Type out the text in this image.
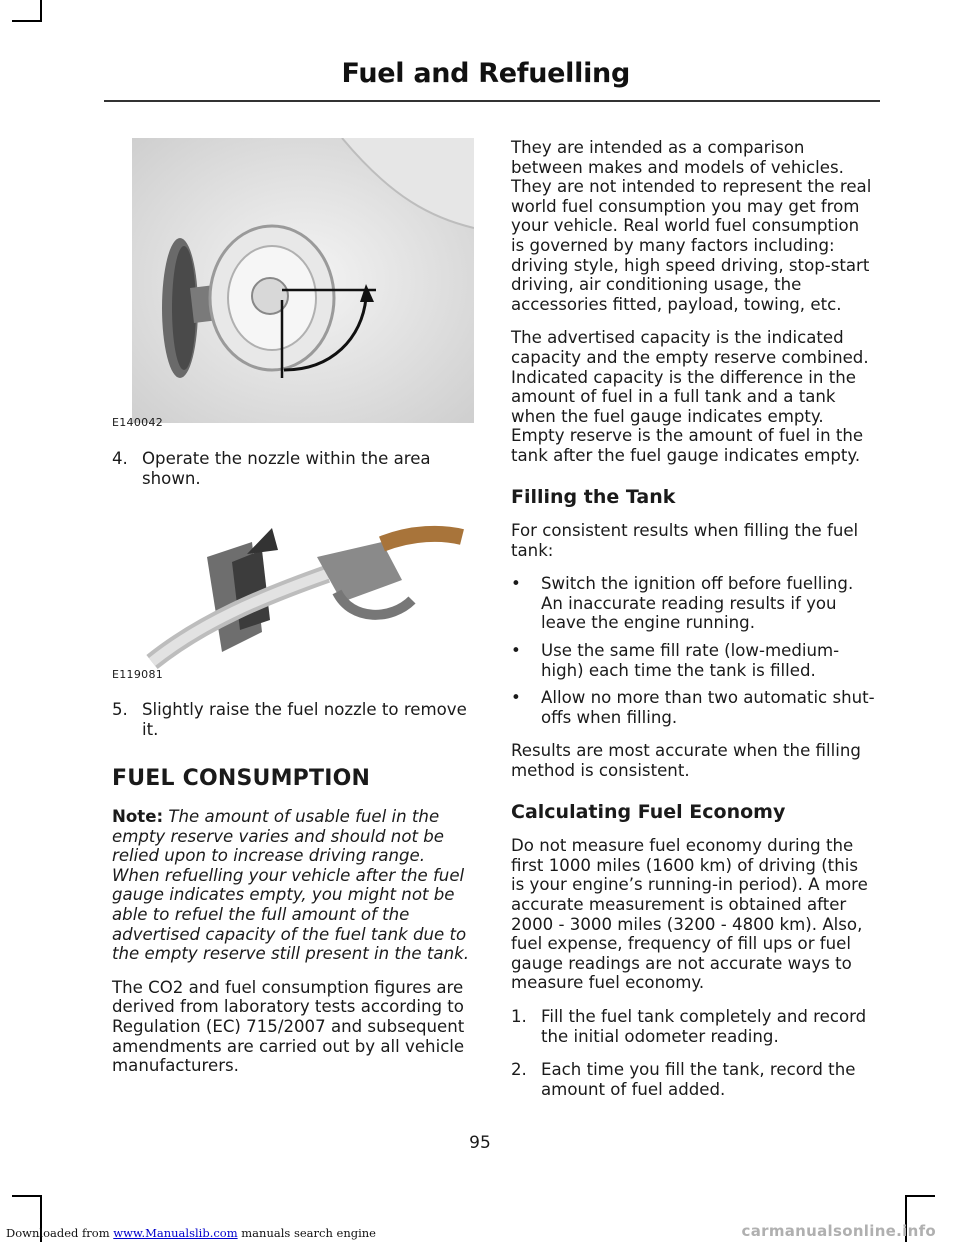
Fuel and Refuelling
E140042
4. Operate the nozzle within the area shown.
E119081
5. Slightly raise the fuel nozzle to remove it.
FUEL CONSUMPTION

Note: The amount of usable fuel in the empty reserve varies and should not be relied upon to increase driving range. When refuelling your vehicle after the fuel gauge indicates empty, you might not be able to refuel the full amount of the advertised capacity of the fuel tank due to the empty reserve still present in the tank.

The CO2 and fuel consumption figures are derived from laboratory tests according to Regulation (EC) 715/2007 and subsequent amendments are carried out by all vehicle manufacturers.

They are intended as a comparison between makes and models of vehicles. They are not intended to represent the real world fuel consumption you may get from your vehicle. Real world fuel consumption is governed by many factors including: driving style, high speed driving, stop-start driving, air conditioning usage, the accessories fitted, payload, towing, etc.

The advertised capacity is the indicated capacity and the empty reserve combined. Indicated capacity is the difference in the amount of fuel in a full tank and a tank when the fuel gauge indicates empty. Empty reserve is the amount of fuel in the tank after the fuel gauge indicates empty.

Filling the Tank

For consistent results when filling the fuel tank:

•	Switch the ignition off before fuelling. An inaccurate reading results if you leave the engine running.
•	Use the same fill rate (low-medium-high) each time the tank is filled.
•	Allow no more than two automatic shut-offs when filling.

Results are most accurate when the filling method is consistent.

Calculating Fuel Economy

Do not measure fuel economy during the first 1000 miles (1600 km) of driving (this is your engine’s running-in period). A more accurate measurement is obtained after 2000 - 3000 miles (3200 - 4800 km). Also, fuel expense, frequency of fill ups or fuel gauge readings are not accurate ways to measure fuel economy.

1. Fill the fuel tank completely and record the initial odometer reading.
2. Each time you fill the tank, record the amount of fuel added.
95
Downloaded from www.Manualslib.com manuals search engine	carmanualsonline.info
